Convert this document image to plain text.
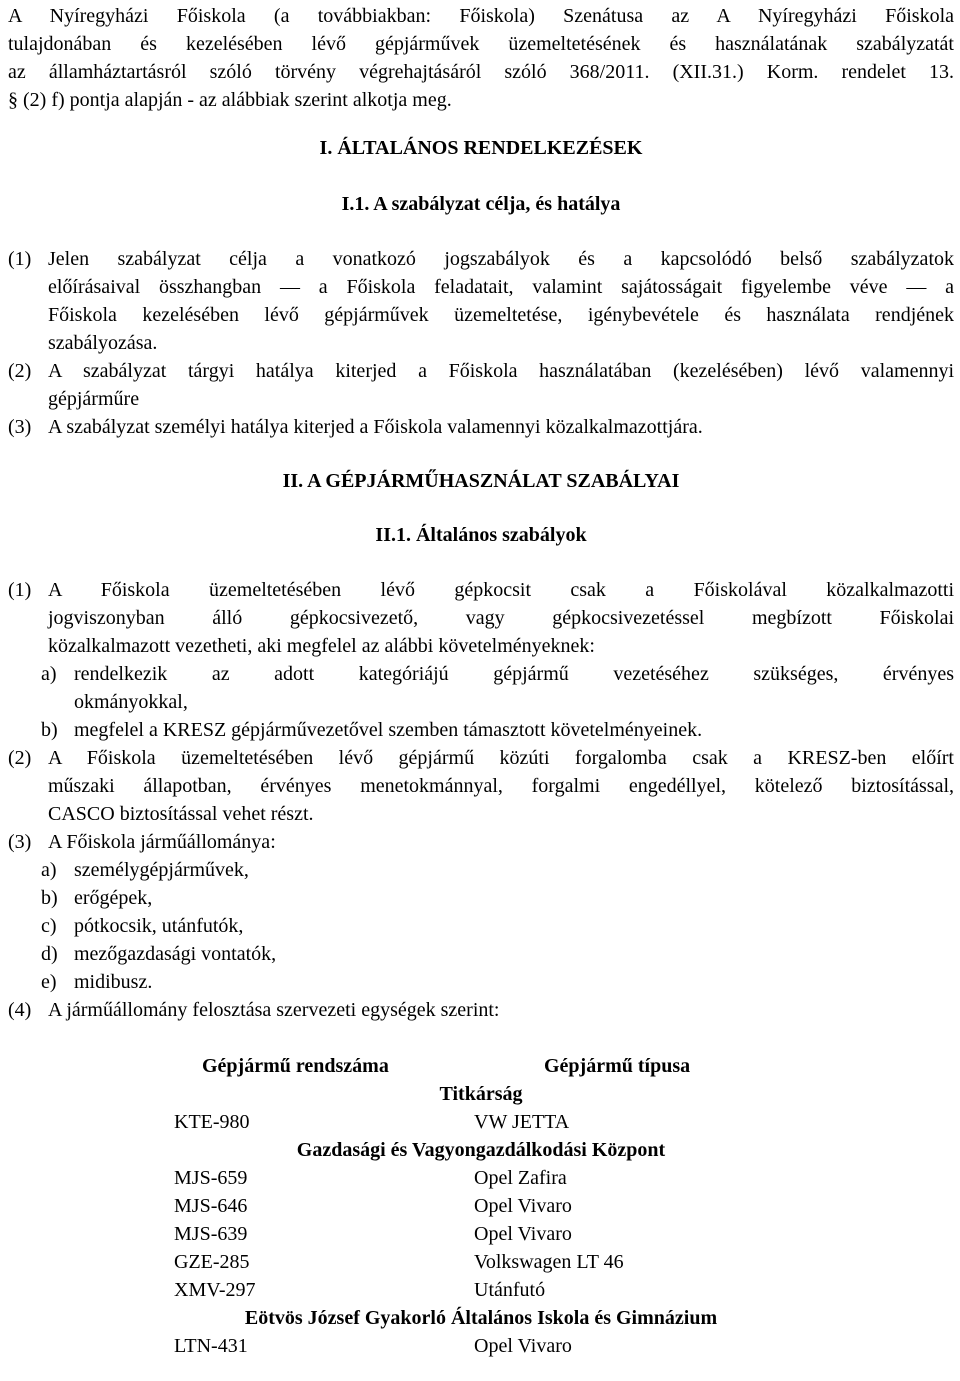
A Nyíregyházi Főiskola (a továbbiakban: Főiskola) Szenátusa az A Nyíregyházi Főiskola
tulajdonában és kezelésében lévő gépjárművek üzemeltetésének és használatának szabályzatát
az államháztartásról szóló törvény végrehajtásáról szóló 368/2011. (XII.31.) Korm. rendelet 13.
§ (2) f) pontja alapján - az alábbiak szerint alkotja meg.
I. ÁLTALÁNOS RENDELKEZÉSEK
I.1. A szabályzat célja, és hatálya
(1) Jelen szabályzat célja a vonatkozó jogszabályok és a kapcsolódó belső szabályzatok
előírásaival összhangban ― a Főiskola feladatait, valamint sajátosságait figyelembe véve ― a
Főiskola kezelésében lévő gépjárművek üzemeltetése, igénybevétele és használata rendjének
szabályozása.
(2) A szabályzat tárgyi hatálya kiterjed a Főiskola használatában (kezelésében) lévő valamennyi
gépjárműre
(3) A szabályzat személyi hatálya kiterjed a Főiskola valamennyi közalkalmazottjára.
II. A GÉPJÁRMŰHASZNÁLAT SZABÁLYAI
II.1. Általános szabályok
(1) A Főiskola üzemeltetésében lévő gépkocsit csak a Főiskolával közalkalmazotti
jogviszonyban álló gépkocsivezető, vagy gépkocsivezetéssel megbízott Főiskolai
közalkalmazott vezetheti, aki megfelel az alábbi követelményeknek:
a) rendelkezik az adott kategóriájú gépjármű vezetéséhez szükséges, érvényes
okmányokkal,
b) megfelel a KRESZ gépjárművezetővel szemben támasztott követelményeinek.
(2) A Főiskola üzemeltetésében lévő gépjármű közúti forgalomba csak a KRESZ-ben előírt
műszaki állapotban, érvényes menetokmánnyal, forgalmi engedéllyel, kötelező biztosítással,
CASCO biztosítással vehet részt.
(3) A Főiskola járműállománya:
a) személygépjárművek,
b) erőgépek,
c) pótkocsik, utánfutók,
d) mezőgazdasági vontatók,
e) midibusz.
(4) A járműállomány felosztása szervezeti egységek szerint:
Gépjármű rendszáma	Gépjármű típusa
Titkárság
KTE-980	VW JETTA
Gazdasági és Vagyongazdálkodási Központ
MJS-659	Opel Zafira
MJS-646	Opel Vivaro
MJS-639	Opel Vivaro
GZE-285	Volkswagen LT 46
XMV-297	Utánfutó
Eötvös József Gyakorló Általános Iskola és Gimnázium
LTN-431	Opel Vivaro
